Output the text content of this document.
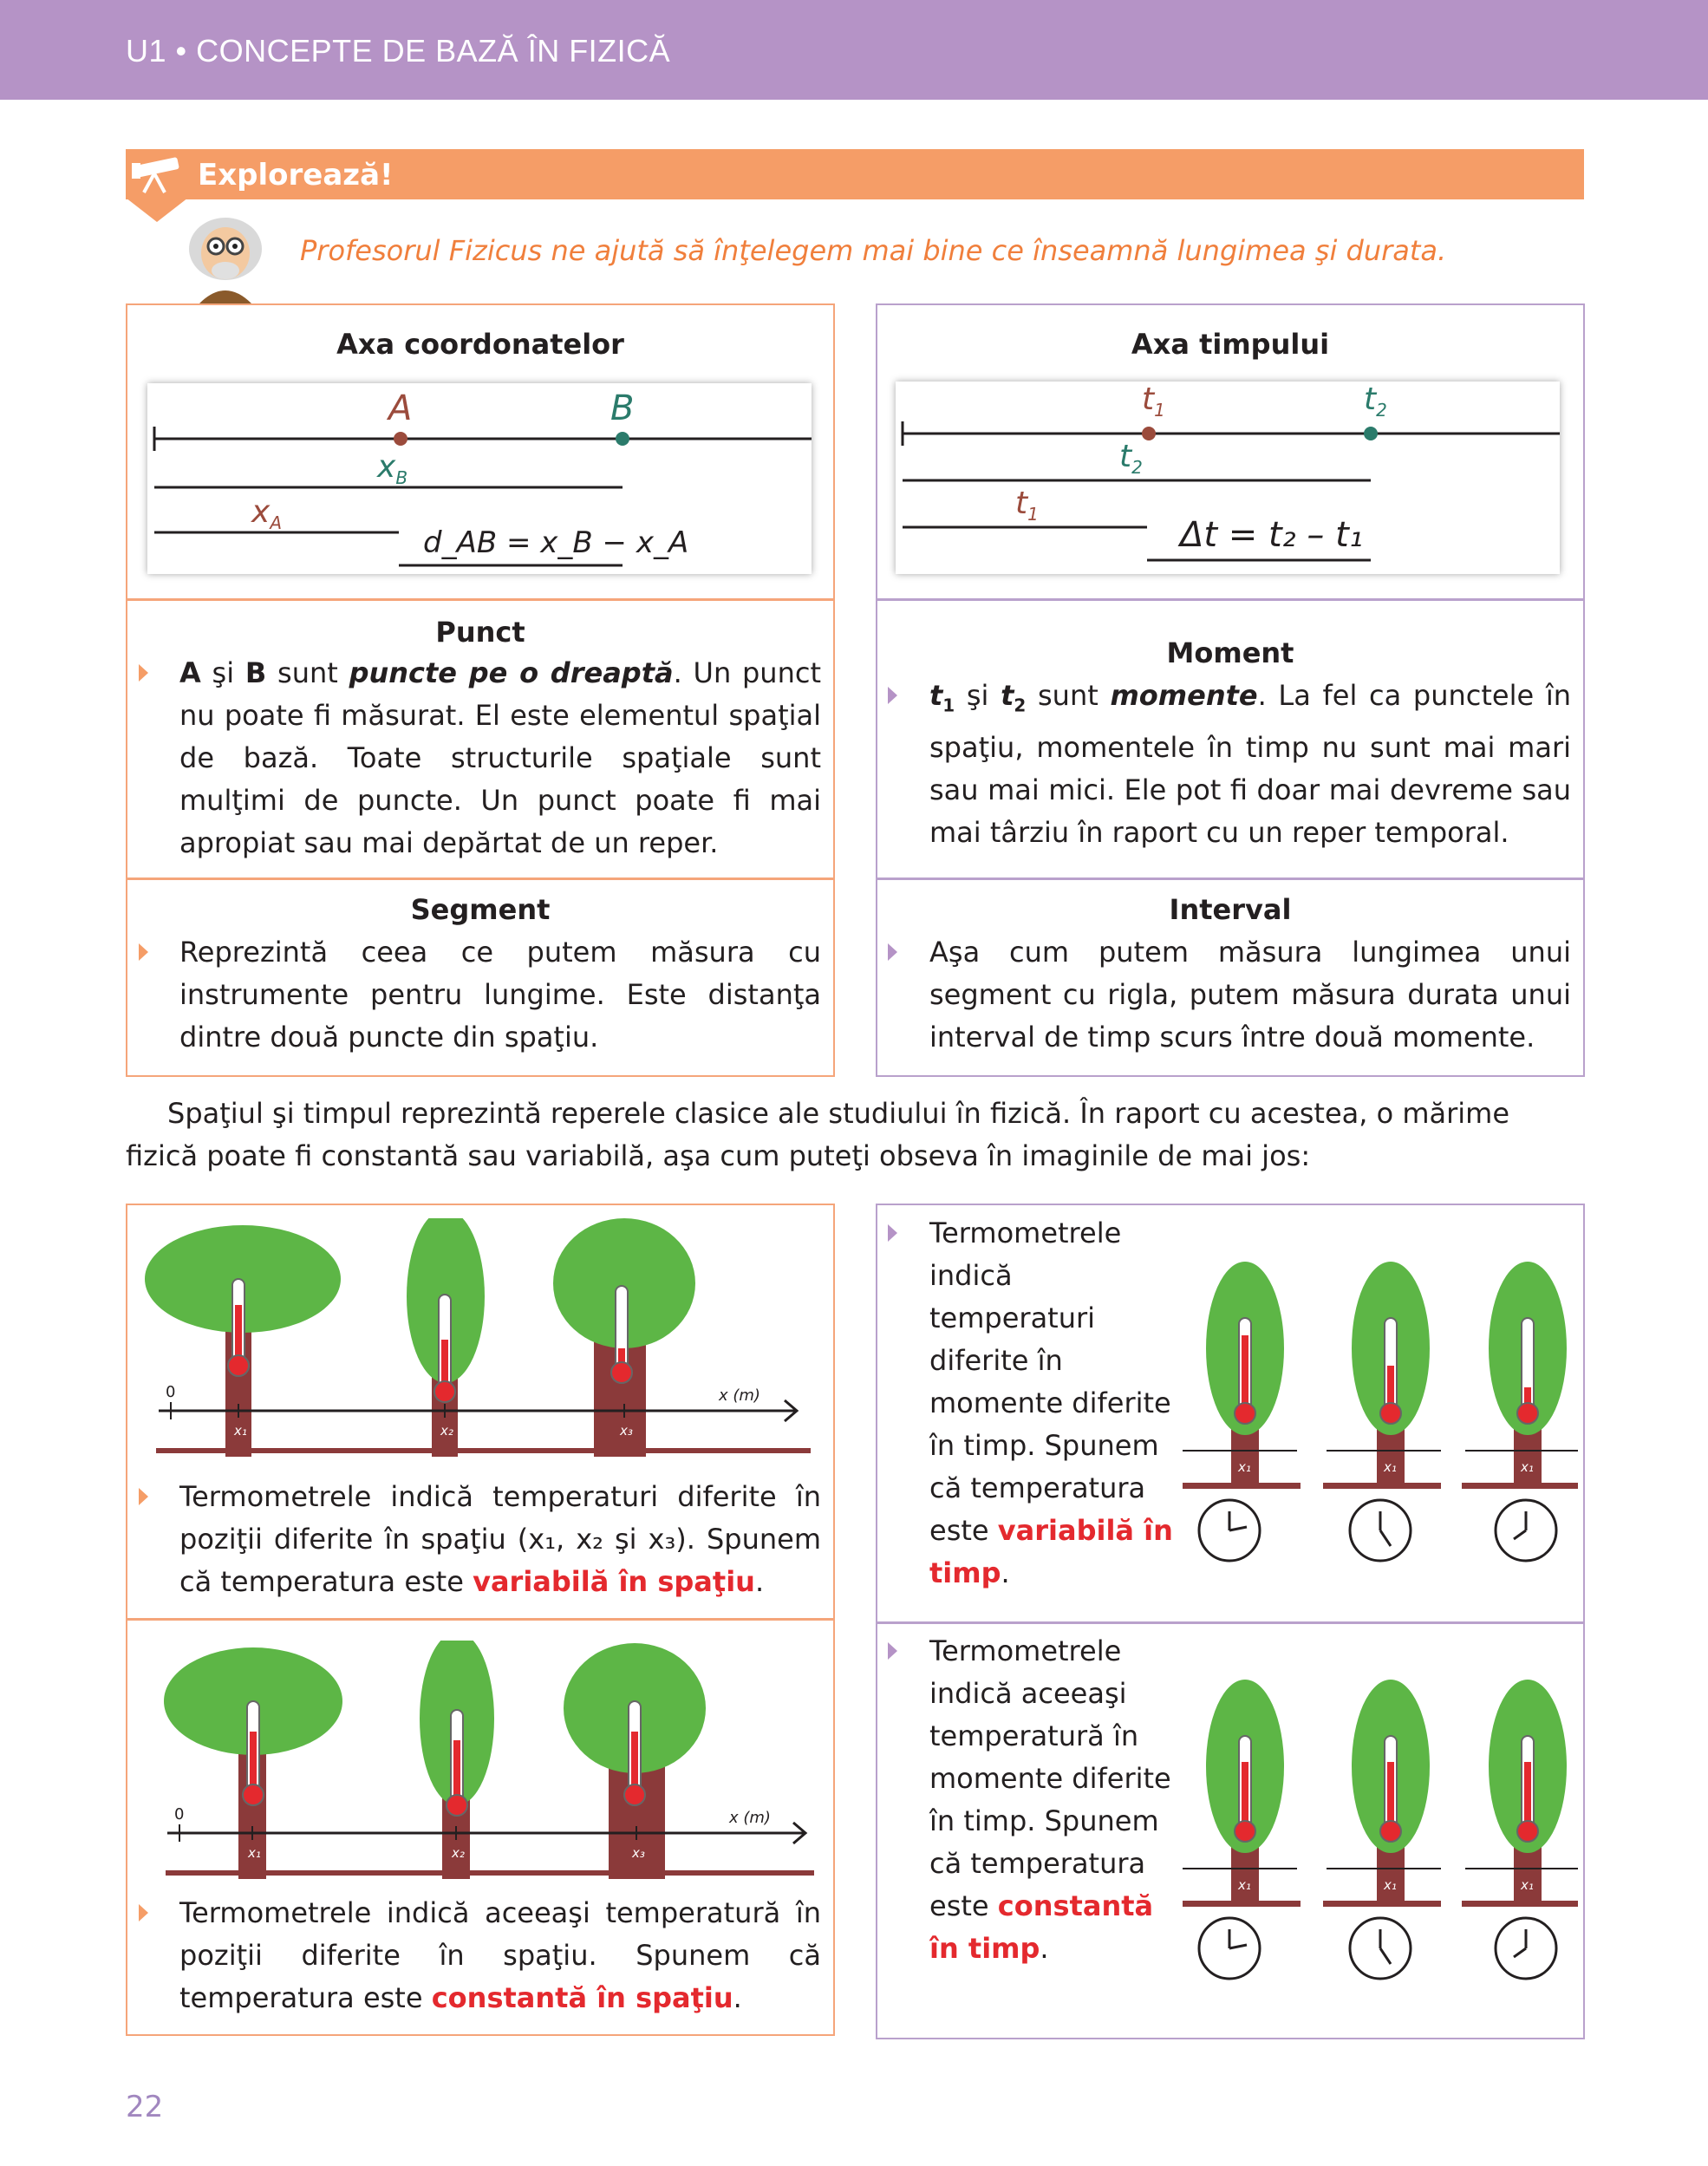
U1 • CONCEPTE DE BAZĂ ÎN FIZICĂ
Explorează!
Profesorul Fizicus ne ajută să înţelegem mai bine ce înseamnă lungimea şi durata.
Axa coordonatelor
A	B
$x_B$
$x_A$
d_AB = x_B − x_A
Punct
A şi B sunt puncte pe o dreaptă. Un punct nu poate fi măsurat. El este elementul spaţial de bază. Toate structurile spaţiale sunt mulţimi de puncte. Un punct poate fi mai apropiat sau mai depărtat de un reper.
Segment
Reprezintă ceea ce putem măsura cu instrumente pentru lungime. Este distanţa dintre două puncte din spaţiu.
Axa timpului
$t_1$	$t_2$
$t_2$
$t_1$
Δt = t₂ – t₁
Moment
$t_1$ şi $t_2$ sunt momente. La fel ca punctele în spaţiu, momentele în timp nu sunt mai mari sau mai mici. Ele pot fi doar mai devreme sau mai târziu în raport cu un reper temporal.
Interval
Aşa cum putem măsura lungimea unui segment cu rigla, putem măsura durata unui interval de timp scurs între două momente.
Spaţiul şi timpul reprezintă reperele clasice ale studiului în fizică. În raport cu acestea, o mărime fizică poate fi constantă sau variabilă, aşa cum puteţi obseva în imaginile de mai jos:
0	x (m)
x₁	x₂	x₃
Termometrele indică temperaturi diferite în poziţii diferite în spaţiu (x₁, x₂ şi x₃). Spunem că temperatura este variabilă în spaţiu.
0	x (m)
x₁	x₂	x₃
Termometrele indică aceeaşi temperatură în poziţii diferite în spaţiu. Spunem că temperatura este constantă în spaţiu.
Termometrele indică temperaturi diferite în momente diferite în timp. Spunem că temperatura este variabilă în timp.
x₁	x₁	x₁
Termometrele indică aceeaşi temperatură în momente diferite în timp. Spunem că temperatura este constantă în timp.
x₁	x₁	x₁
22
